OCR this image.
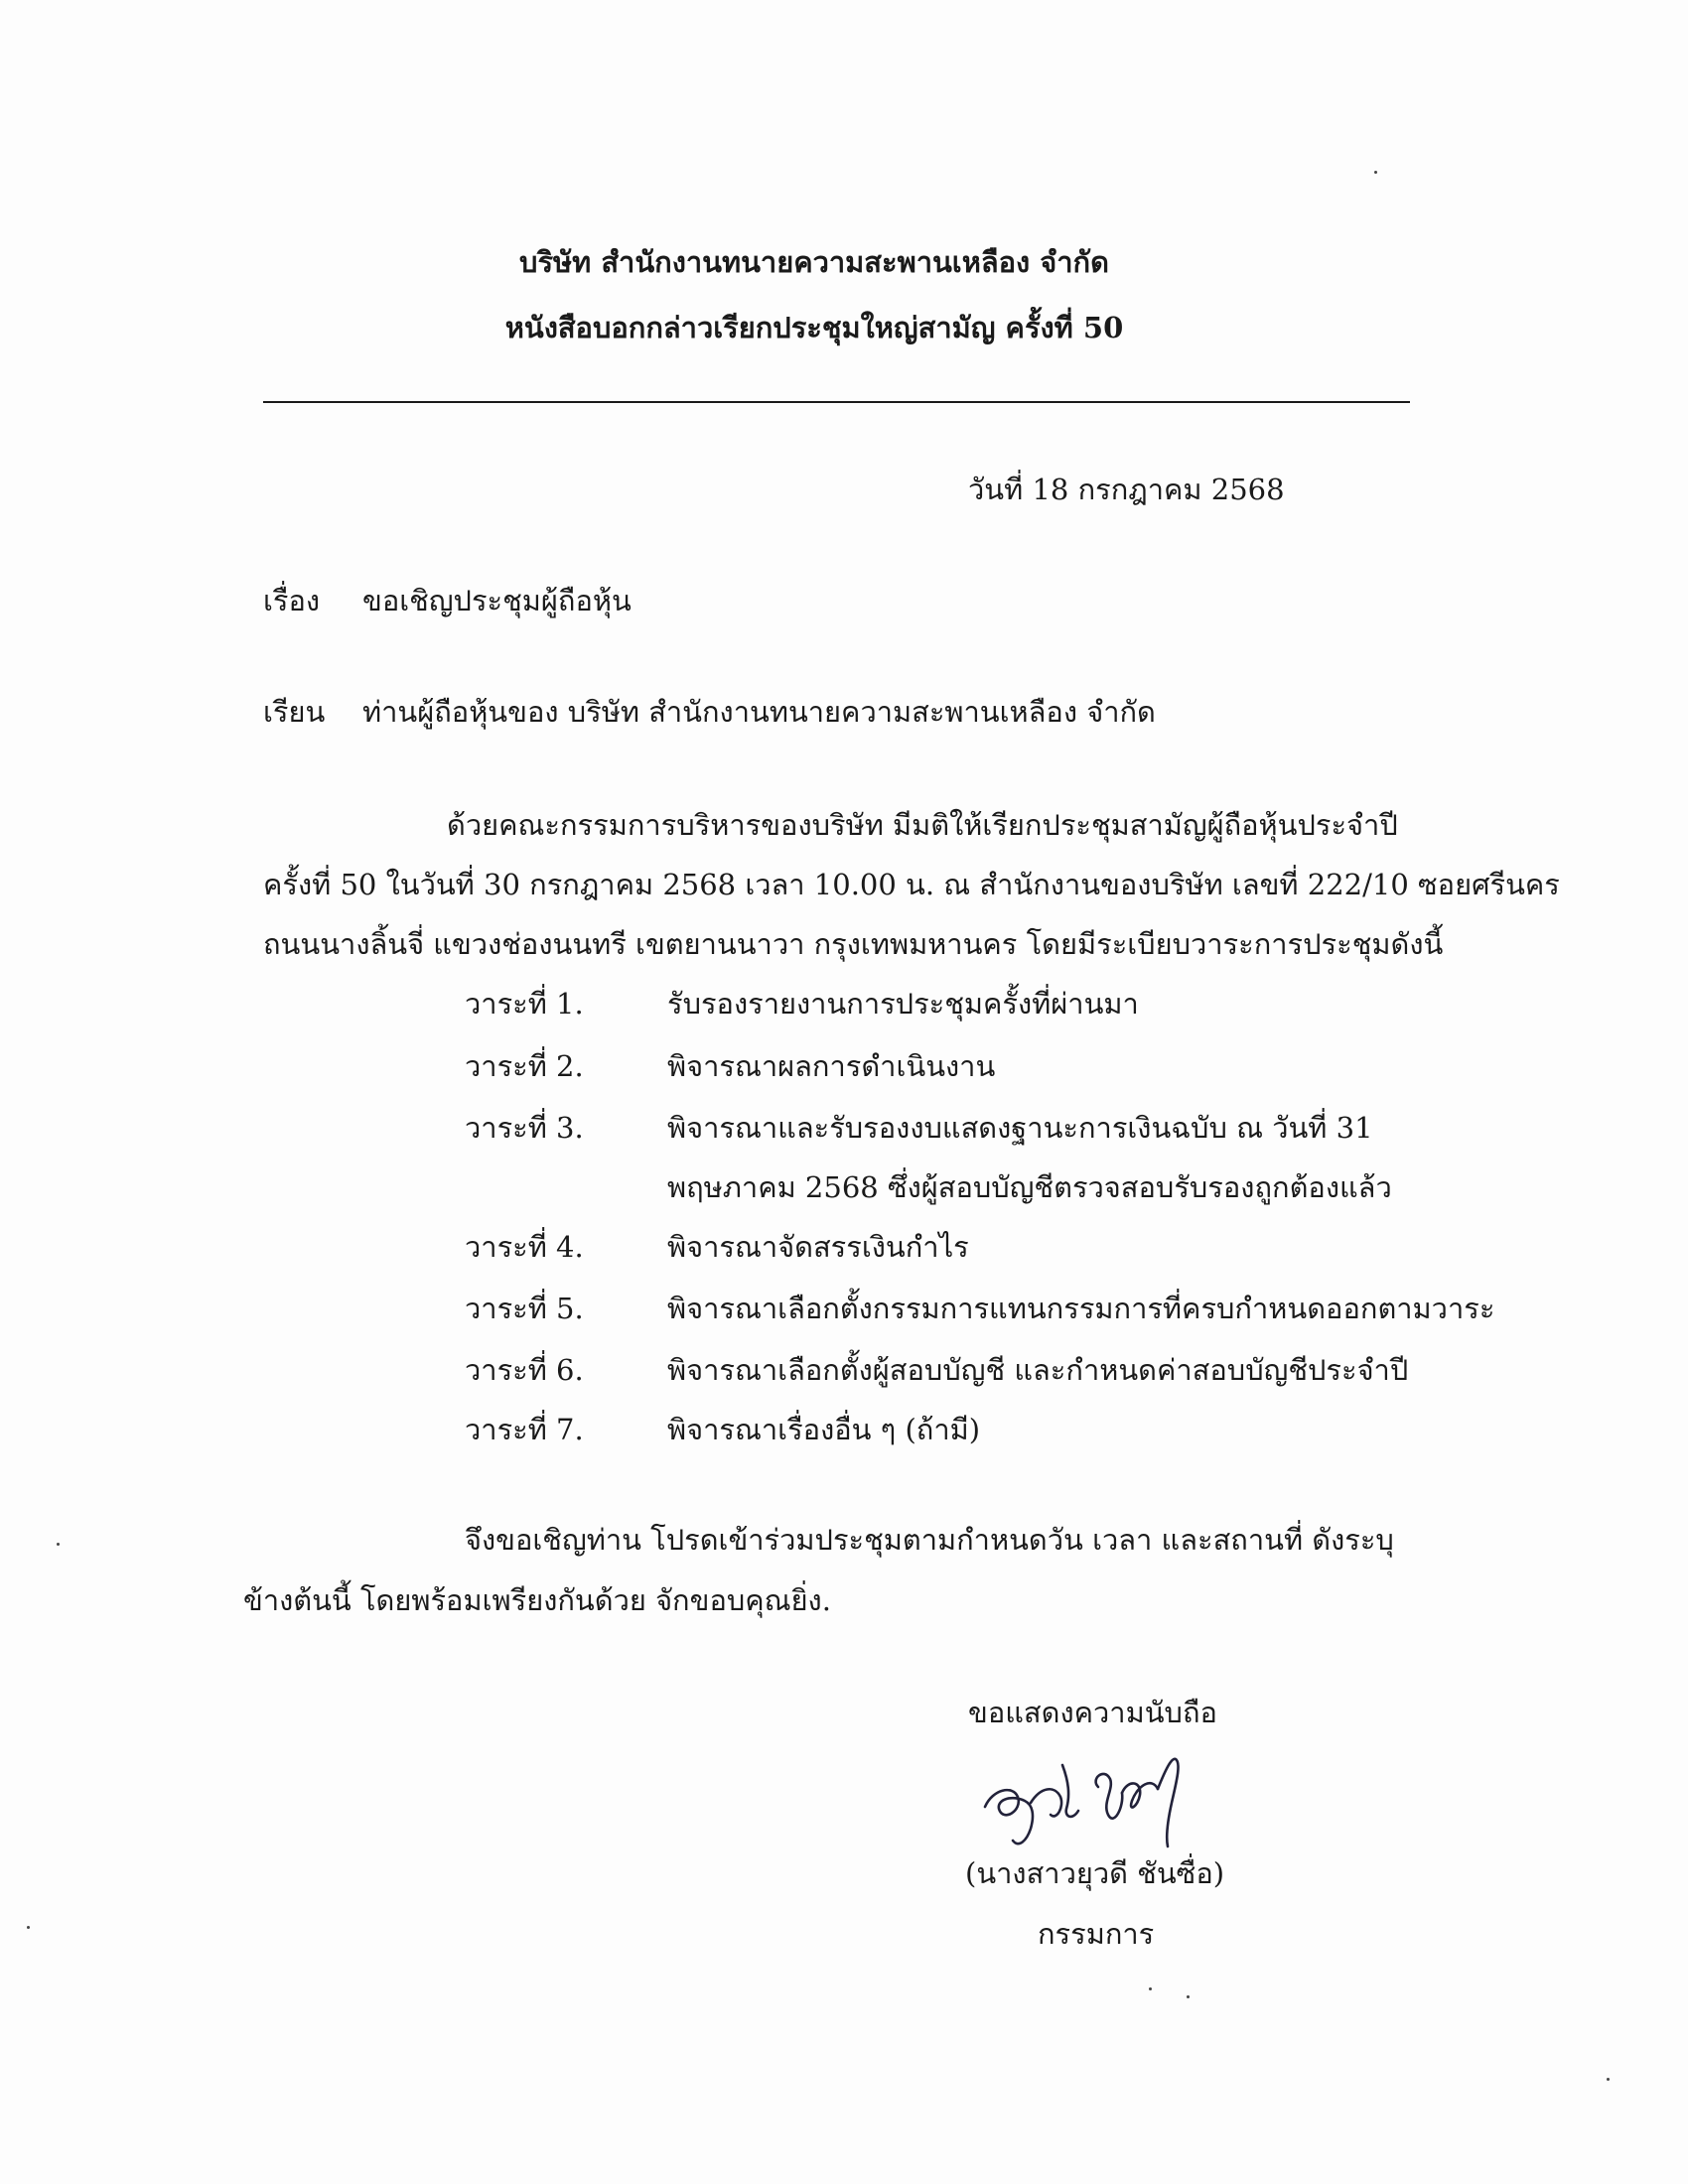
บริษัท สำนักงานทนายความสะพานเหลือง จำกัด
หนังสือบอกกล่าวเรียกประชุมใหญ่สามัญ ครั้งที่ 50
วันที่ 18 กรกฎาคม 2568
เรื่อง ขอเชิญประชุมผู้ถือหุ้น
เรียน ท่านผู้ถือหุ้นของ บริษัท สำนักงานทนายความสะพานเหลือง จำกัด
ด้วยคณะกรรมการบริหารของบริษัท มีมติให้เรียกประชุมสามัญผู้ถือหุ้นประจำปี
ครั้งที่ 50 ในวันที่ 30 กรกฎาคม 2568 เวลา 10.00 น. ณ สำนักงานของบริษัท เลขที่ 222/10 ซอยศรีนคร
ถนนนางลิ้นจี่ แขวงช่องนนทรี เขตยานนาวา กรุงเทพมหานคร โดยมีระเบียบวาระการประชุมดังนี้
วาระที่ 1.	รับรองรายงานการประชุมครั้งที่ผ่านมา
วาระที่ 2.	พิจารณาผลการดำเนินงาน
วาระที่ 3.	พิจารณาและรับรองงบแสดงฐานะการเงินฉบับ ณ วันที่ 31
พฤษภาคม 2568 ซึ่งผู้สอบบัญชีตรวจสอบรับรองถูกต้องแล้ว
วาระที่ 4.	พิจารณาจัดสรรเงินกำไร
วาระที่ 5.	พิจารณาเลือกตั้งกรรมการแทนกรรมการที่ครบกำหนดออกตามวาระ
วาระที่ 6.	พิจารณาเลือกตั้งผู้สอบบัญชี และกำหนดค่าสอบบัญชีประจำปี
วาระที่ 7.	พิจารณาเรื่องอื่น ๆ (ถ้ามี)
จึงขอเชิญท่าน โปรดเข้าร่วมประชุมตามกำหนดวัน เวลา และสถานที่ ดังระบุ
ข้างต้นนี้ โดยพร้อมเพรียงกันด้วย จักขอบคุณยิ่ง.
ขอแสดงความนับถือ
(นางสาวยุวดี ชันซื่อ)
กรรมการ
